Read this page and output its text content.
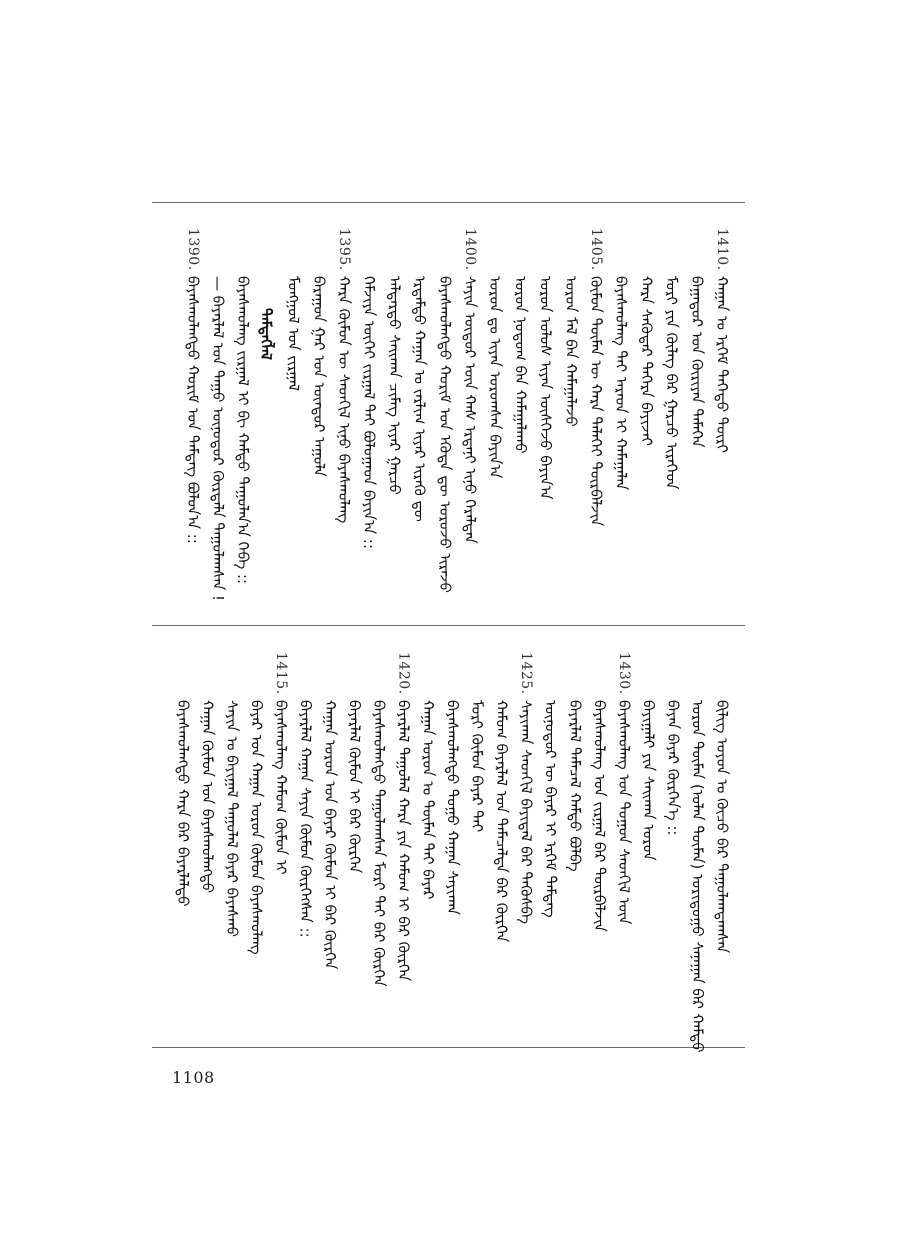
ᠲᠡᠮᠳᠡᠭᠯᠡᠯ
1410.
ᠬᠠᠭᠠᠨ ᠤ ᠡᠷᠬᠡᠮ ᠳᠡᠭᠡᠳᠦ ᠳᠦᠷᠢ
ᠪᠠᠭᠠᠲᠤᠷ ᠤᠨ ᠬᠦᠷᠢᠶᠡᠨ ᠲᠡᠮᠡᠭᠡᠨ
ᠮᠣᠷᠢ ᠶᠢᠨ ᠬᠦᠯᠡᠭ ᠪᠡᠷ ᠭᠠᠷᠴᠤ ᠢᠷᠡᠭᠡᠳ
ᠬᠠᠷᠠ ᠰᠡᠭᠦᠳᠡᠷ ᠳᠡᠭᠡᠷᠡ ᠪᠠᠶᠢᠵᠠᠢ
ᠪᠠᠶᠠᠰᠬᠤᠯᠠᠩ ᠲᠠᠢ ᠠᠷᠠᠳ ᠢ ᠬᠠᠮᠠᠭᠠᠯᠠᠨ
1405.
ᠬᠦᠮᠦᠨ ᠲᠦᠮᠡᠨ ᠦ ᠬᠠᠷᠠ ᠲᠡᠯᠡᠭᠡᠢ ᠳᠦᠷᠪᠡᠯᠵᠢᠨ
ᠣᠷᠣᠨ ᠮᠠᠯ ᠪᠠᠨ ᠬᠠᠮᠠᠭᠠᠯᠠᠵᠤ
ᠣᠷᠣᠨ ᠤᠯᠤᠰ ᠢᠶᠠᠨ ᠥᠰᠬᠡᠵᠦ ᠪᠠᠶᠢᠨ᠎ᠠ
ᠣᠷᠣᠨ ᠨᠤᠲᠤᠭ ᠪᠠᠨ ᠬᠠᠮᠠᠭᠠᠯᠠᠬᠤ
ᠣᠷᠣᠨ ᠳᠤ ᠢᠶᠠᠨ ᠣᠷᠣᠭᠰᠠᠨ ᠪᠠᠶᠢᠨ᠎ᠠ
1400.
ᠰᠠᠶᠢᠨ ᠥᠳᠦᠷ ᠦᠨ ᠬᠠᠰ ᠡᠷᠳᠡᠨᠢ ᠢᠨᠦ ᠭᠡᠷᠡᠯᠲᠡᠨ
ᠪᠠᠶᠠᠰᠬᠤᠯᠠᠩᠲᠤ ᠬᠣᠷᠢᠮ ᠤᠨ ᠡᠭᠦᠳᠡ ᠳᠦ ᠣᠷᠣᠵᠤ ᠢᠷᠡᠵᠦ
ᠡᠷᠳᠡᠮᠲᠦ ᠬᠠᠭᠠᠨ ᠤ ᠵᠠᠷᠯᠢᠭ ᠢᠶᠠᠷ ᠢᠷᠡᠬᠦ ᠳᠦ
ᠠᠯᠳᠠᠷᠲᠤ ᠰᠠᠢᠬᠠᠨ ᠴᠢᠮᠡᠭ ᠢᠶᠡᠷ ᠭᠠᠷᠴᠤ
ᠬᠡᠮᠵᠢᠶᠡ ᠦᠭᠡᠢ ᠵᠢᠷᠭᠠᠯ ᠲᠠᠢ ᠪᠤᠯᠤᠭᠠᠳ ᠪᠠᠶᠢᠨ᠎ᠠ ::
1395.
ᠬᠠᠷᠠ ᠬᠦᠮᠦᠨ ᠦ ᠰᠡᠳᠭᠢᠯ ᠢᠨᠦ ᠪᠠᠶᠠᠰᠬᠤᠯᠠᠩ
ᠪᠠᠷᠠᠭᠤᠨ ᠭᠠᠷ ᠤᠨ ᠥᠨᠳᠥᠷ ᠠᠭᠤᠯᠠ
ᠮᠣᠩᠭᠣᠯ ᠤᠨ ᠵᠢᠷᠭᠠᠯ
ᠪᠠᠶᠠᠰᠬᠤᠯᠠᠩ ᠵᠢᠷᠭᠠᠯ ᠢ ᠪᠢ ᠬᠠᠮᠲᠤ ᠳᠠᠭᠤᠯᠠᠨ᠎ᠠ ᠭᠡᠪᠡ ::
— ᠪᠠᠶᠠᠷᠯᠠᠯ ᠤᠨ ᠳᠠᠭᠤ ᠥᠨᠥᠳᠦᠷ ᠬᠦᠷᠲᠡᠯᠡ ᠳᠠᠭᠤᠯᠠᠭᠰᠠᠨ !
1390.
ᠪᠠᠶᠠᠰᠬᠤᠯᠠᠩᠲᠤ ᠬᠣᠷᠢᠮ ᠤᠨ ᠲᠡᠮᠳᠡᠭ ᠪᠣᠯᠤᠨ᠎ᠠ ::
ᠪᠢᠯᠢᠭ ᠣᠶᠤᠨ ᠤ ᠬᠦᠴᠦ ᠪᠠᠷ ᠳᠠᠭᠤᠯᠠᠭᠳᠠᠭᠰᠠᠨ
ᠣᠷᠣᠨ ᠲᠦᠮᠡᠨ (ᠣᠯᠠᠨ ᠲᠦᠮᠡᠨ) ᠣᠷᠢᠳᠤᠭᠤ ᠰᠠᠨᠠᠭᠠᠨ ᠪᠠᠷ ᠬᠠᠮᠲᠤ
ᠪᠠᠶᠠᠨ ᠪᠠᠶᠠᠷ ᠬᠦᠷᠭᠡᠨ᠎ᠡ ::
ᠪᠠᠶᠢᠭᠠᠯᠢ ᠶᠢᠨ ᠰᠠᠢᠬᠠᠨ ᠣᠷᠣᠨ
1430.
ᠪᠠᠶᠠᠰᠬᠤᠯᠠᠩ ᠤᠨ ᠳᠣᠭᠤᠨ ᠰᠡᠳᠬᠢᠯ ᠦᠨ
ᠪᠠᠶᠠᠰᠬᠤᠯᠠᠩ ᠤᠨ ᠵᠢᠷᠭᠠᠯ ᠪᠠᠷ ᠳᠦᠷᠪᠡᠯᠵᠢᠨ
ᠪᠠᠶᠠᠷᠯᠠᠯ ᠲᠡᠮᠡᠴᠡᠯ ᠬᠠᠮᠲᠤ ᠪᠣᠯᠪᠠ
ᠥᠨᠥᠳᠦᠷ ᠦ ᠪᠠᠶᠠᠷ ᠢ ᠡᠷᠬᠡᠮ ᠲᠡᠮᠳᠡᠭ
1425.
ᠰᠠᠶᠢᠬᠠᠨ ᠰᠡᠳᠬᠢᠯ ᠪᠠᠶᠢᠳᠠᠯ ᠪᠠᠷ ᠲᠡᠭᠦᠰᠪᠡ
ᠬᠠᠮᠤᠭ ᠪᠠᠶᠠᠷᠯᠠᠯ ᠤᠨ ᠲᠡᠮᠡᠴᠡᠯᠲᠡ ᠪᠡᠷ ᠬᠦᠷᠭᠡᠨ
ᠮᠣᠷᠢ ᠬᠦᠮᠦᠨ ᠪᠠᠶᠠᠷ ᠲᠠᠢ
ᠪᠠᠶᠠᠰᠬᠤᠯᠠᠩᠲᠤ ᠳᠣᠭᠤ ᠬᠠᠭᠠᠨ ᠰᠠᠶᠢᠬᠠᠨ
ᠬᠠᠭᠠᠨ ᠣᠷᠣᠨ ᠤ ᠲᠦᠮᠡᠨ ᠲᠠᠢ ᠪᠠᠶᠠᠷ
1420.
ᠪᠠᠶᠠᠷᠯᠠᠯ ᠳᠠᠭᠤᠯᠠᠯ ᠬᠠᠷᠠ ᠶᠢᠨ ᠬᠠᠮᠤᠭ ᠢ ᠪᠡᠷ ᠬᠦᠷᠭᠡᠨ
ᠪᠠᠶᠠᠰᠬᠤᠯᠠᠩᠲᠤ ᠳᠠᠭᠤᠯᠠᠭᠰᠠᠨ ᠮᠣᠷᠢ ᠲᠠᠢ ᠪᠡᠷ ᠬᠦᠷᠭᠡᠨ
ᠪᠠᠶᠠᠷᠯᠠᠯ ᠬᠦᠮᠦᠨ ᠢ ᠪᠡᠷ ᠬᠦᠷᠭᠡᠨ
ᠬᠠᠭᠠᠨ ᠣᠷᠣᠨ ᠤᠨ ᠪᠠᠶᠠᠷ ᠬᠦᠮᠦᠨ ᠢ ᠪᠡᠷ ᠬᠦᠷᠭᠡᠨ
ᠪᠠᠶᠠᠷᠯᠠᠯ ᠬᠠᠭᠠᠨ ᠰᠠᠶᠢᠨ ᠬᠦᠮᠦᠨ ᠬᠦᠷᠭᠡᠭᠰᠡᠨ ::
1415.
ᠪᠠᠶᠠᠰᠬᠤᠯᠠᠩ ᠬᠠᠮᠤᠭ ᠬᠦᠮᠦᠨ ᠢ
ᠪᠠᠶᠠᠷ ᠤᠨ ᠬᠠᠭᠠᠨ ᠣᠷᠣᠨ ᠬᠦᠮᠦᠨ ᠪᠠᠶᠠᠰᠬᠤᠯᠠᠩ
ᠰᠠᠶᠢᠨ ᠤ ᠪᠠᠶᠢᠭᠠᠯ ᠳᠠᠭᠤᠯᠠᠯ ᠪᠠᠶᠠᠷ ᠪᠠᠶᠠᠰᠬᠤ
ᠬᠠᠭᠠᠨ ᠬᠦᠮᠦᠨ ᠤᠨ ᠪᠠᠶᠠᠰᠬᠤᠯᠠᠩᠲᠤ
ᠪᠠᠶᠠᠰᠬᠤᠯᠠᠩᠲᠤ ᠬᠠᠷᠠ ᠪᠠᠷ ᠪᠠᠶᠠᠷᠯᠠᠯᠲᠤ
1108
